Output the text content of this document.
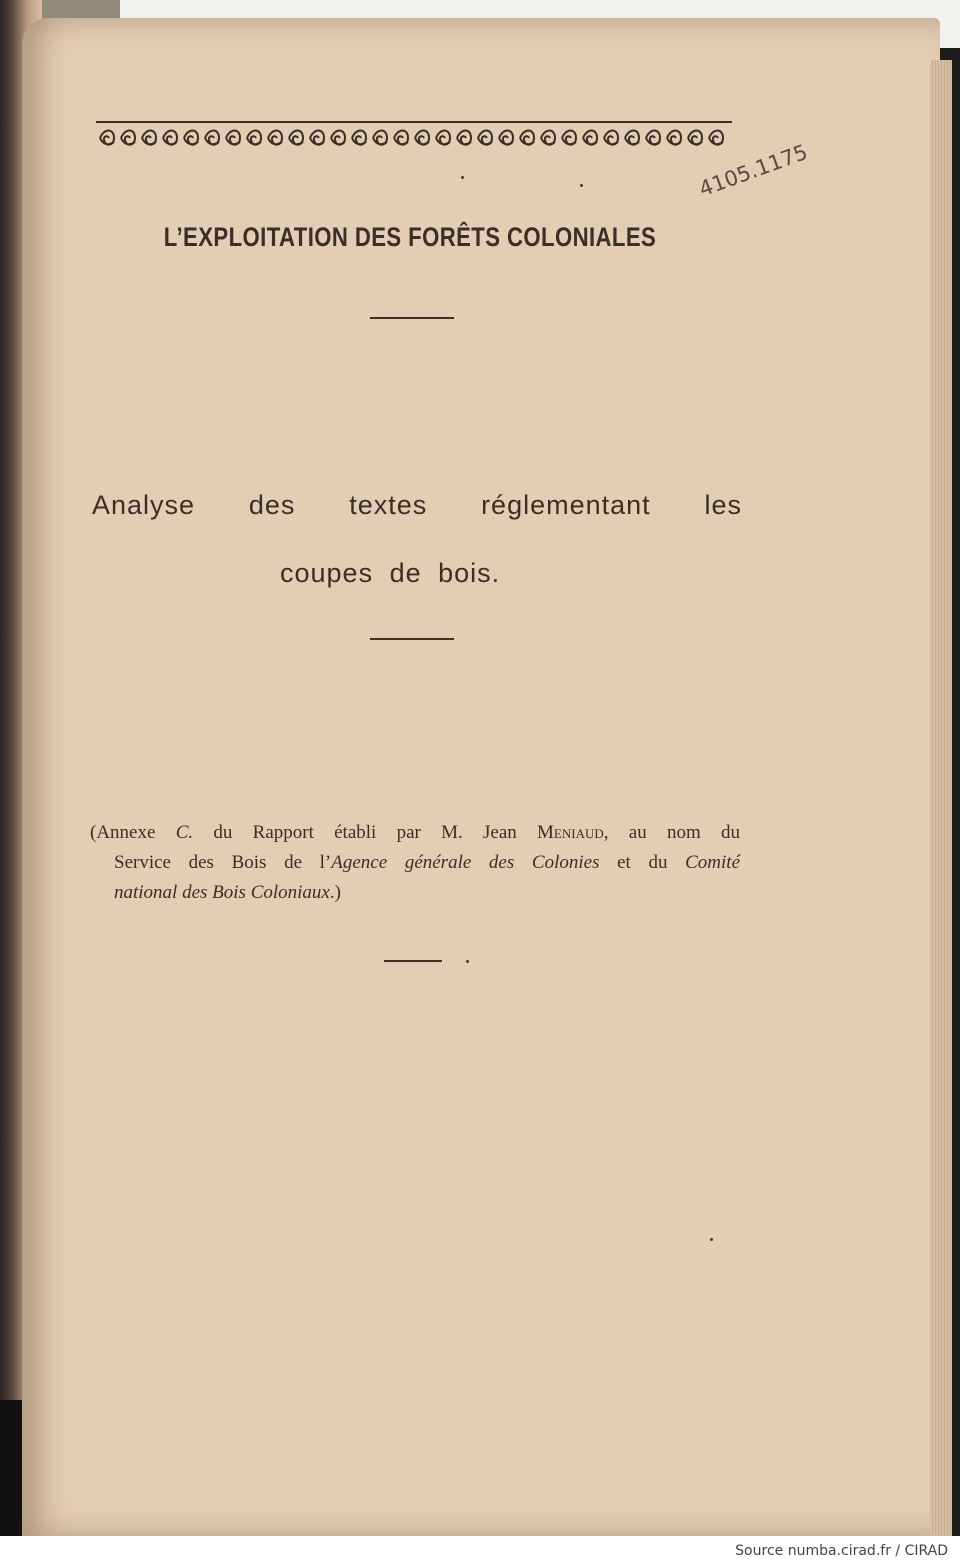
L’EXPLOITATION DES FORÊTS COLONIALES
4105.1175
Analyse des textes réglementant les
coupes de bois.
(Annexe C. du Rapport établi par M. Jean Meniaud, au nom du
Service des Bois de l’Agence générale des Colonies et du Comité
national des Bois Coloniaux.)
Source numba.cirad.fr / CIRAD
